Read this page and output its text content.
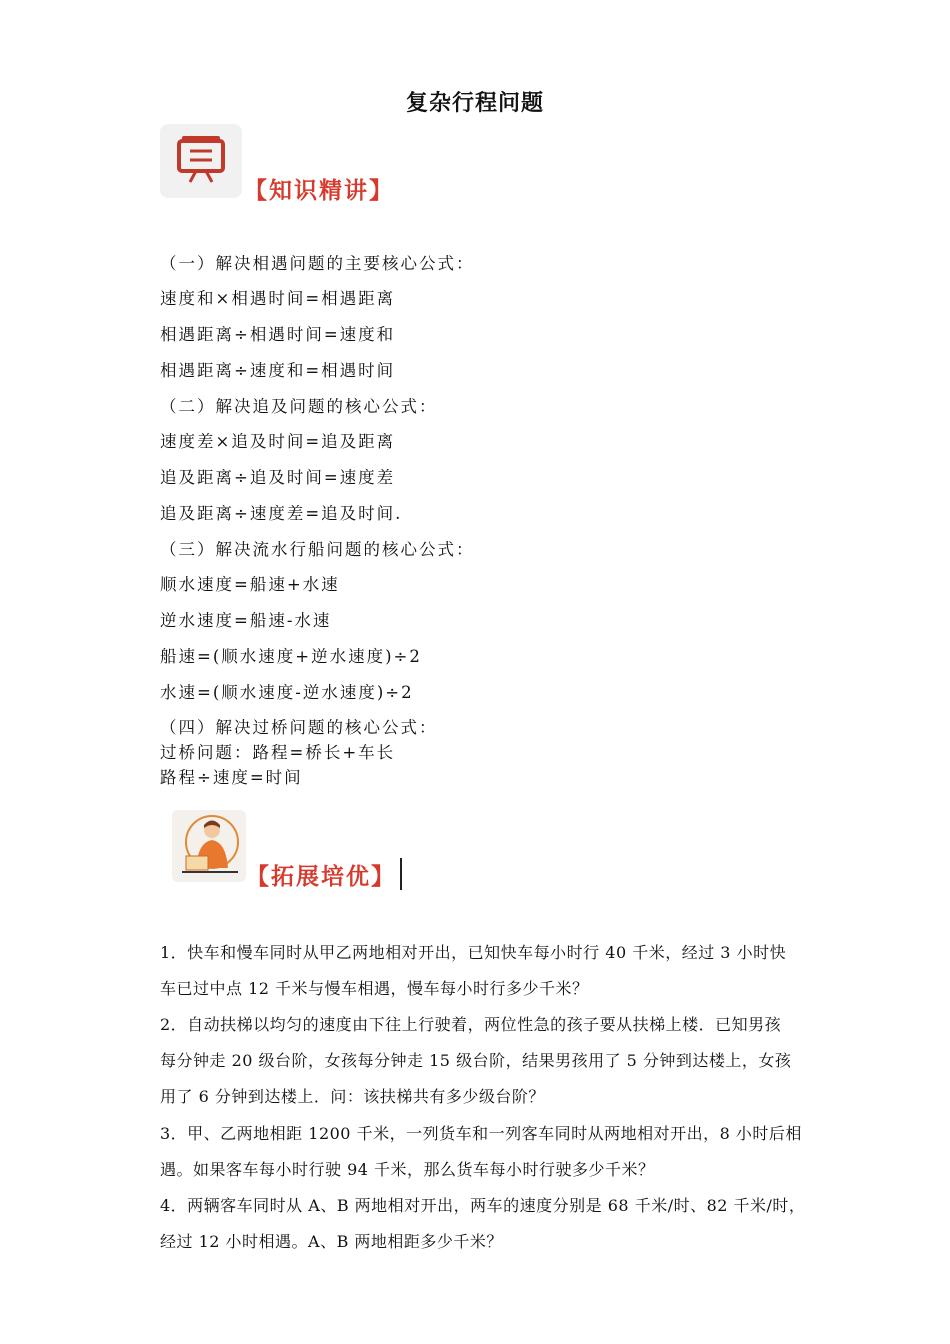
复杂行程问题
【知识精讲】
（一）解决相遇问题的主要核心公式：
速度和×相遇时间=相遇距离
相遇距离÷相遇时间=速度和
相遇距离÷速度和=相遇时间
（二）解决追及问题的核心公式：
速度差×追及时间=追及距离
追及距离÷追及时间=速度差
追及距离÷速度差=追及时间.
（三）解决流水行船问题的核心公式：
顺水速度=船速+水速
逆水速度=船速-水速
船速=(顺水速度+逆水速度)÷2
水速=(顺水速度-逆水速度)÷2
（四）解决过桥问题的核心公式：
过桥问题：路程=桥长+车长
路程÷速度=时间
【拓展培优】
1．快车和慢车同时从甲乙两地相对开出，已知快车每小时行 40 千米，经过 3 小时快
车已过中点 12 千米与慢车相遇，慢车每小时行多少千米？
2．自动扶梯以均匀的速度由下往上行驶着，两位性急的孩子要从扶梯上楼．已知男孩
每分钟走 20 级台阶，女孩每分钟走 15 级台阶，结果男孩用了 5 分钟到达楼上，女孩
用了 6 分钟到达楼上．问：该扶梯共有多少级台阶？
3．甲、乙两地相距 1200 千米，一列货车和一列客车同时从两地相对开出，8 小时后相
遇。如果客车每小时行驶 94 千米，那么货车每小时行驶多少千米？
4．两辆客车同时从 A、B 两地相对开出，两车的速度分别是 68 千米/时、82 千米/时，
经过 12 小时相遇。A、B 两地相距多少千米？
